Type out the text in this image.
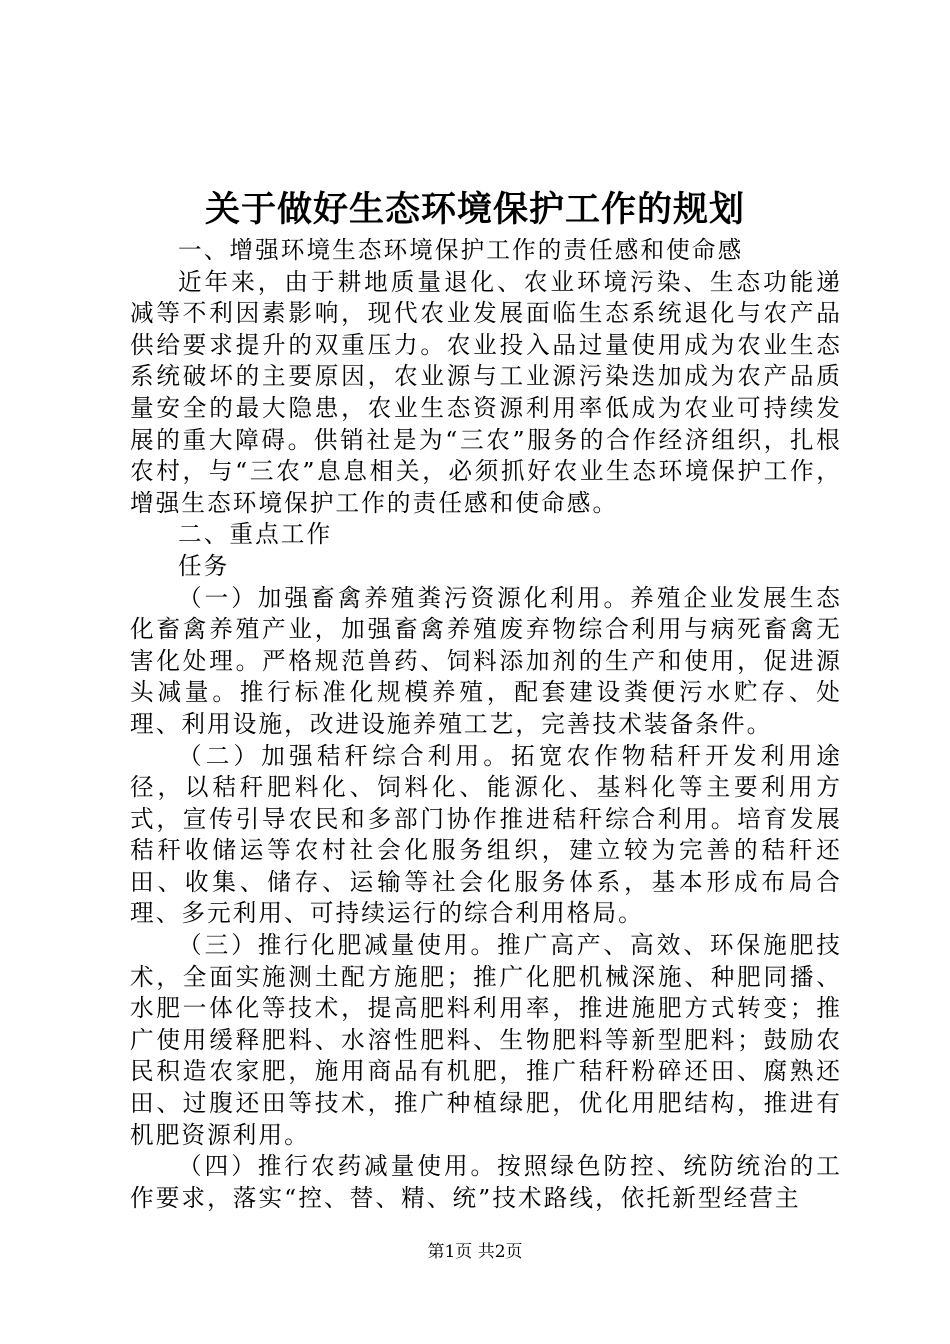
关于做好生态环境保护工作的规划

一、增强环境生态环境保护工作的责任感和使命感

近年来，由于耕地质量退化、农业环境污染、生态功能递减等不利因素影响，现代农业发展面临生态系统退化与农产品供给要求提升的双重压力。农业投入品过量使用成为农业生态系统破坏的主要原因，农业源与工业源污染迭加成为农产品质量安全的最大隐患，农业生态资源利用率低成为农业可持续发展的重大障碍。供销社是为“三农”服务的合作经济组织，扎根农村，与“三农”息息相关，必须抓好农业生态环境保护工作，增强生态环境保护工作的责任感和使命感。

二、重点工作

任务

（一）加强畜禽养殖粪污资源化利用。养殖企业发展生态化畜禽养殖产业，加强畜禽养殖废弃物综合利用与病死畜禽无害化处理。严格规范兽药、饲料添加剂的生产和使用，促进源头减量。推行标准化规模养殖，配套建设粪便污水贮存、处理、利用设施，改进设施养殖工艺，完善技术装备条件。

（二）加强秸秆综合利用。拓宽农作物秸秆开发利用途径，以秸秆肥料化、饲料化、能源化、基料化等主要利用方式，宣传引导农民和多部门协作推进秸秆综合利用。培育发展秸秆收储运等农村社会化服务组织，建立较为完善的秸秆还田、收集、储存、运输等社会化服务体系，基本形成布局合理、多元利用、可持续运行的综合利用格局。

（三）推行化肥减量使用。推广高产、高效、环保施肥技术，全面实施测土配方施肥；推广化肥机械深施、种肥同播、水肥一体化等技术，提高肥料利用率，推进施肥方式转变；推广使用缓释肥料、水溶性肥料、生物肥料等新型肥料；鼓励农民积造农家肥，施用商品有机肥，推广秸秆粉碎还田、腐熟还田、过腹还田等技术，推广种植绿肥，优化用肥结构，推进有机肥资源利用。

（四）推行农药减量使用。按照绿色防控、统防统治的工作要求，落实“控、替、精、统”技术路线，依托新型经营主

第1页 共2页
